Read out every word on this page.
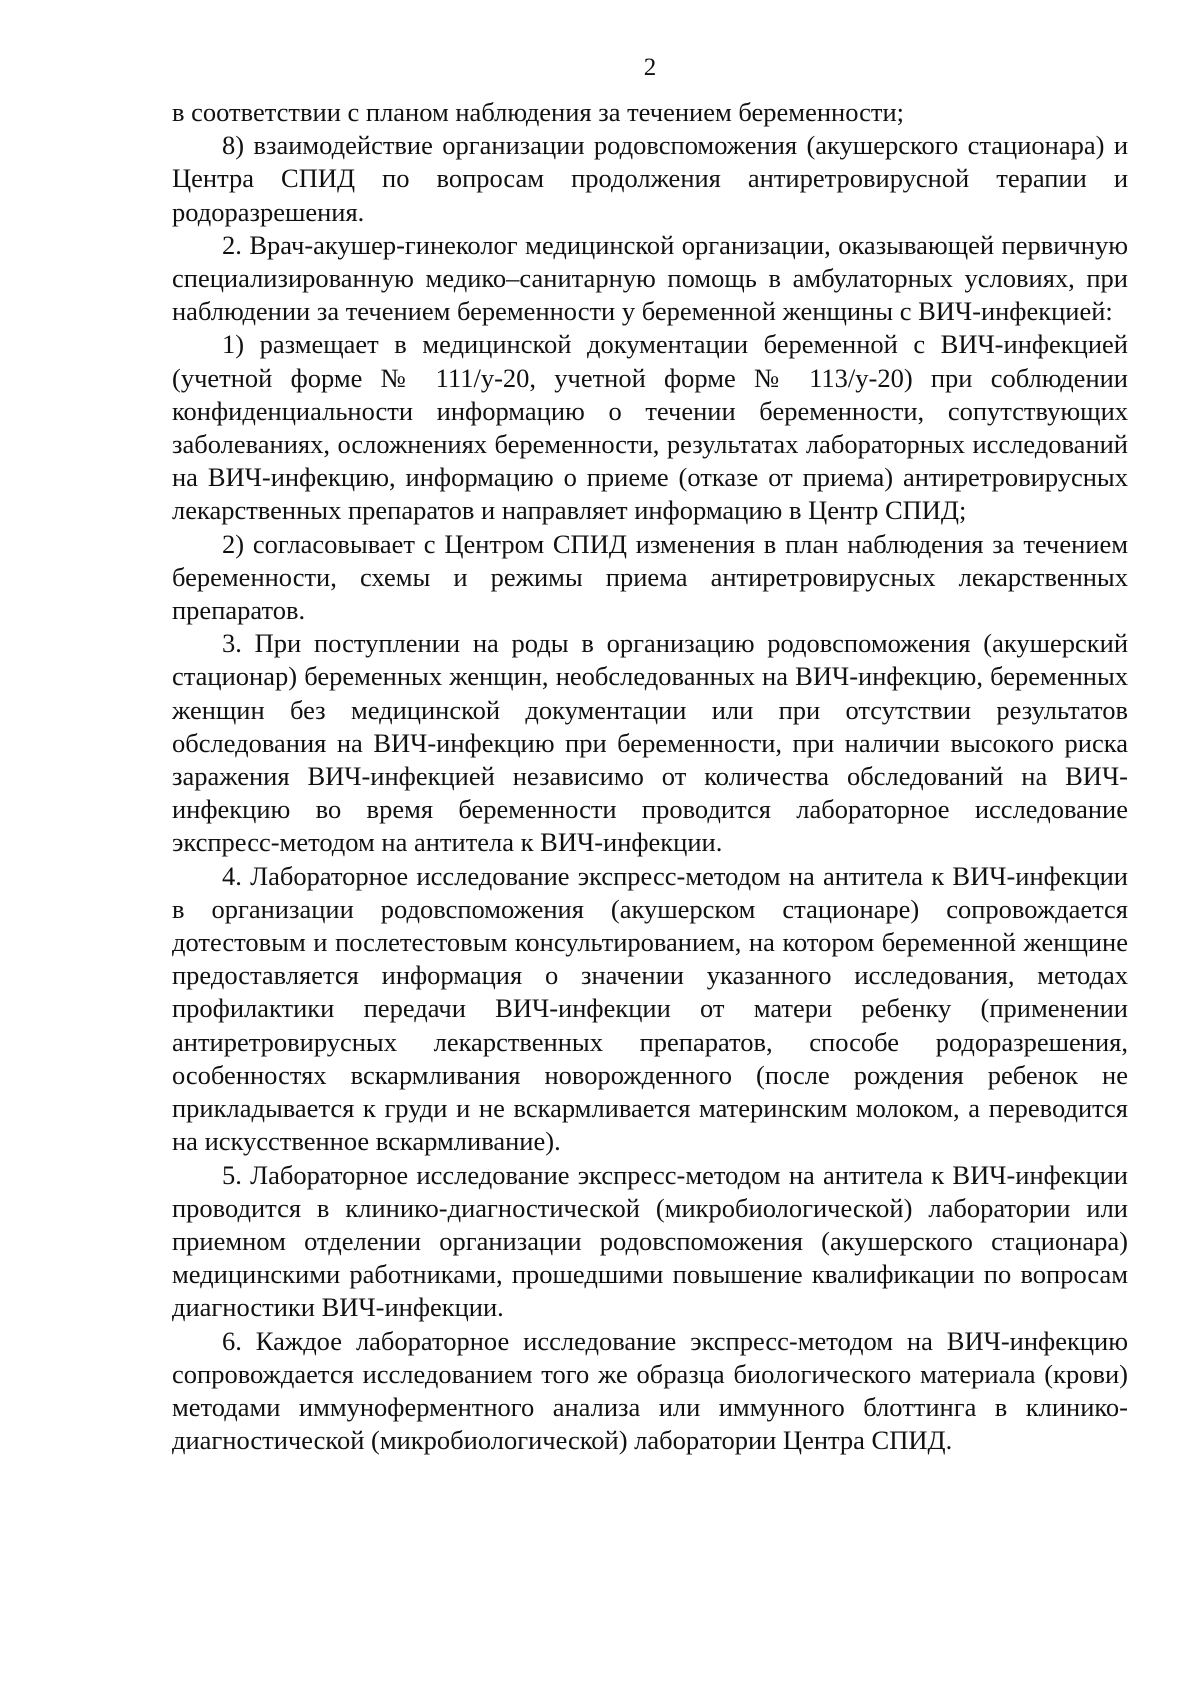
2

в соответствии с планом наблюдения за течением беременности;

8) взаимодействие организации родовспоможения (акушерского стационара) и Центра СПИД по вопросам продолжения антиретровирусной терапии и родоразрешения.

2. Врач-акушер-гинеколог медицинской организации, оказывающей первичную специализированную медико–санитарную помощь в амбулаторных условиях, при наблюдении за течением беременности у беременной женщины с ВИЧ-инфекцией:

1) размещает в медицинской документации беременной с ВИЧ-инфекцией (учетной форме № 111/у-20, учетной форме № 113/у-20) при соблюдении конфиденциальности информацию о течении беременности, сопутствующих заболеваниях, осложнениях беременности, результатах лабораторных исследований на ВИЧ-инфекцию, информацию о приеме (отказе от приема) антиретровирусных лекарственных препаратов и направляет информацию в Центр СПИД;

2) согласовывает с Центром СПИД изменения в план наблюдения за течением беременности, схемы и режимы приема антиретровирусных лекарственных препаратов.

3. При поступлении на роды в организацию родовспоможения (акушерский стационар) беременных женщин, необследованных на ВИЧ-инфекцию, беременных женщин без медицинской документации или при отсутствии результатов обследования на ВИЧ-инфекцию при беременности, при наличии высокого риска заражения ВИЧ-инфекцией независимо от количества обследований на ВИЧ-инфекцию во время беременности проводится лабораторное исследование экспресс-методом на антитела к ВИЧ-инфекции.

4. Лабораторное исследование экспресс-методом на антитела к ВИЧ-инфекции в организации родовспоможения (акушерском стационаре) сопровождается дотестовым и послетестовым консультированием, на котором беременной женщине предоставляется информация о значении указанного исследования, методах профилактики передачи ВИЧ-инфекции от матери ребенку (применении антиретровирусных лекарственных препаратов, способе родоразрешения, особенностях вскармливания новорожденного (после рождения ребенок не прикладывается к груди и не вскармливается материнским молоком, а переводится на искусственное вскармливание).

5. Лабораторное исследование экспресс-методом на антитела к ВИЧ-инфекции проводится в клинико-диагностической (микробиологической) лаборатории или приемном отделении организации родовспоможения (акушерского стационара) медицинскими работниками, прошедшими повышение квалификации по вопросам диагностики ВИЧ-инфекции.

6. Каждое лабораторное исследование экспресс-методом на ВИЧ-инфекцию сопровождается исследованием того же образца биологического материала (крови) методами иммуноферментного анализа или иммунного блоттинга в клинико-диагностической (микробиологической) лаборатории Центра СПИД.
